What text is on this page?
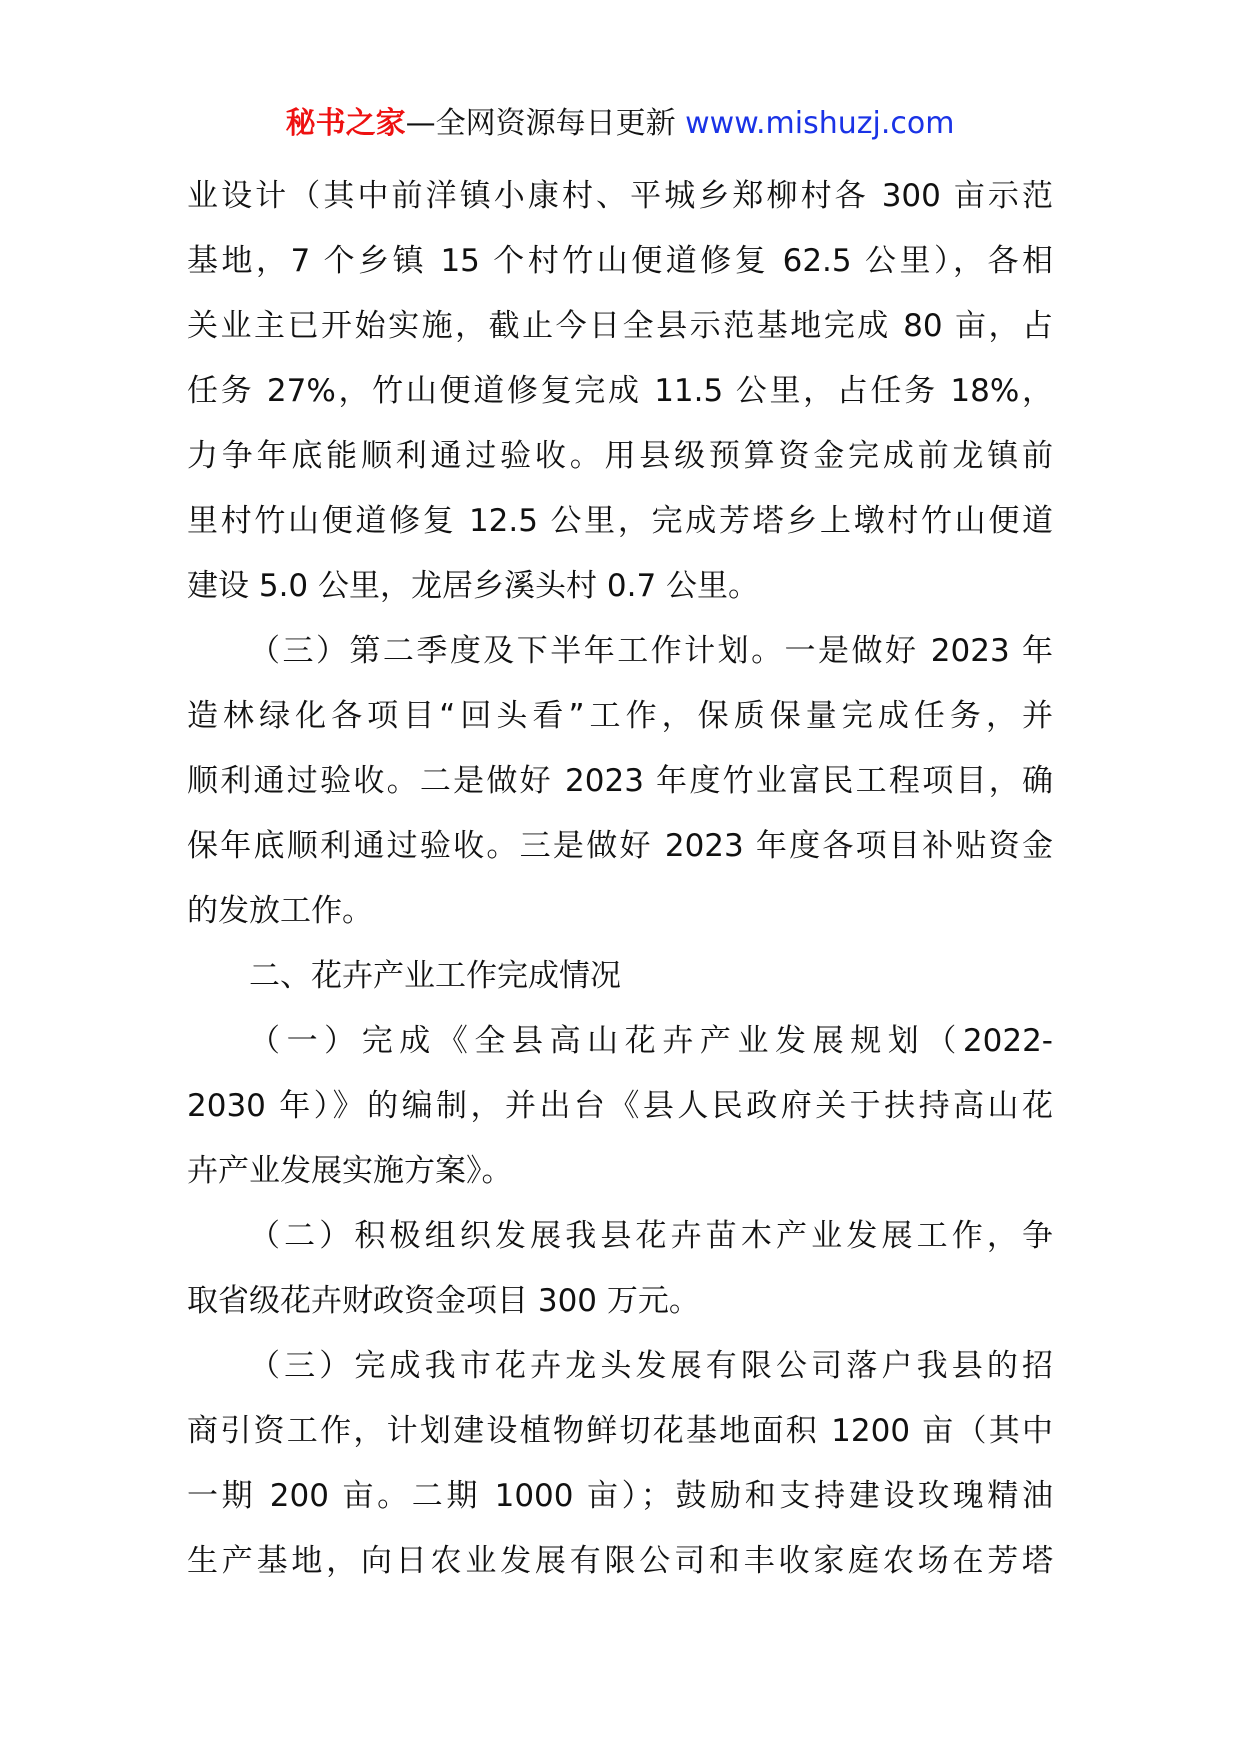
秘书之家—全网资源每日更新 www.mishuzj.com
业设计（其中前洋镇小康村、平城乡郑柳村各 300 亩示范
基地，7 个乡镇 15 个村竹山便道修复 62.5 公里），各相
关业主已开始实施，截止今日全县示范基地完成 80 亩，占
任务 27%，竹山便道修复完成 11.5 公里，占任务 18%，
力争年底能顺利通过验收。用县级预算资金完成前龙镇前
里村竹山便道修复 12.5 公里，完成芳塔乡上墩村竹山便道
建设 5.0 公里，龙居乡溪头村 0.7 公里。
（三）第二季度及下半年工作计划。一是做好 2023 年
造林绿化各项目“回头看”工作，保质保量完成任务，并
顺利通过验收。二是做好 2023 年度竹业富民工程项目，确
保年底顺利通过验收。三是做好 2023 年度各项目补贴资金
的发放工作。
二、花卉产业工作完成情况
（一）完成《全县高山花卉产业发展规划（2022-
2030 年）》的编制，并出台《县人民政府关于扶持高山花
卉产业发展实施方案》。
（二）积极组织发展我县花卉苗木产业发展工作，争
取省级花卉财政资金项目 300 万元。
（三）完成我市花卉龙头发展有限公司落户我县的招
商引资工作，计划建设植物鲜切花基地面积 1200 亩（其中
一期 200 亩。二期 1000 亩）；鼓励和支持建设玫瑰精油
生产基地，向日农业发展有限公司和丰收家庭农场在芳塔
